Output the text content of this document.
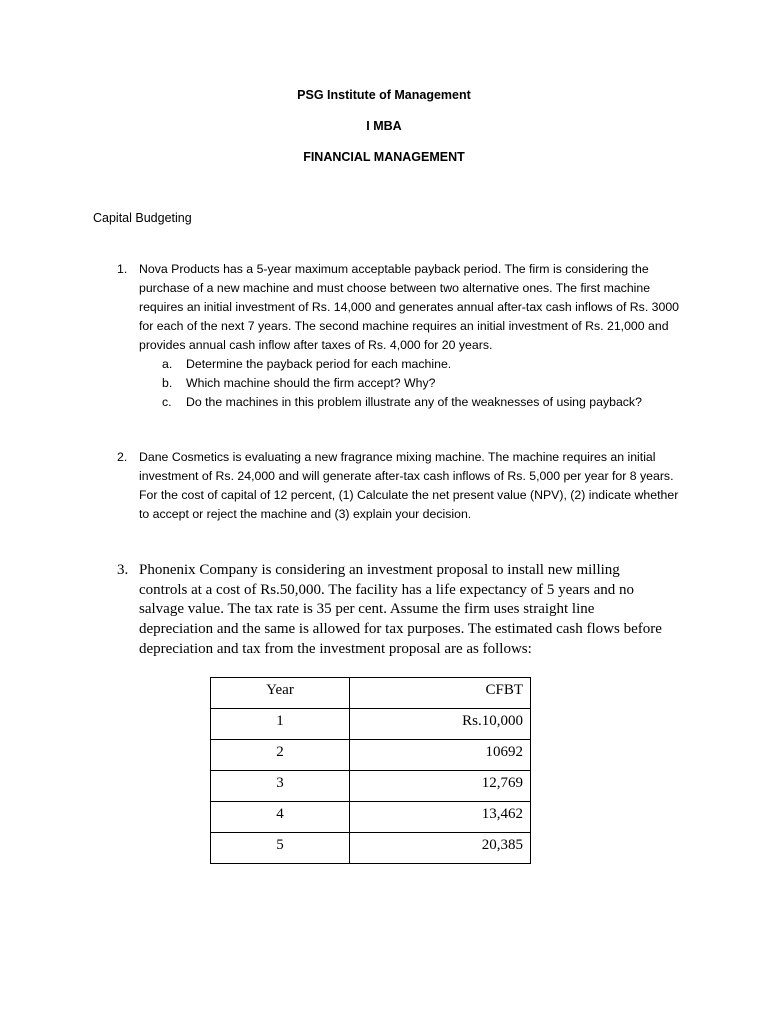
PSG Institute of Management
I MBA
FINANCIAL MANAGEMENT
Capital Budgeting
1. Nova Products has a 5-year maximum acceptable payback period. The firm is considering the purchase of a new machine and must choose between two alternative ones. The first machine requires an initial investment of Rs. 14,000 and generates annual after-tax cash inflows of Rs. 3000 for each of the next 7 years. The second machine requires an initial investment of Rs. 21,000 and provides annual cash inflow after taxes of Rs. 4,000 for 20 years.
a. Determine the payback period for each machine.
b. Which machine should the firm accept? Why?
c. Do the machines in this problem illustrate any of the weaknesses of using payback?
2. Dane Cosmetics is evaluating a new fragrance mixing machine. The machine requires an initial investment of Rs. 24,000 and will generate after-tax cash inflows of Rs. 5,000 per year for 8 years. For the cost of capital of 12 percent, (1) Calculate the net present value (NPV), (2) indicate whether to accept or reject the machine and (3) explain your decision.
3. Phonenix Company is considering an investment proposal to install new milling controls at a cost of Rs.50,000. The facility has a life expectancy of 5 years and no salvage value. The tax rate is 35 per cent. Assume the firm uses straight line depreciation and the same is allowed for tax purposes. The estimated cash flows before depreciation and tax from the investment proposal are as follows:
Year	CFBT
1	Rs.10,000
2	10692
3	12,769
4	13,462
5	20,385
